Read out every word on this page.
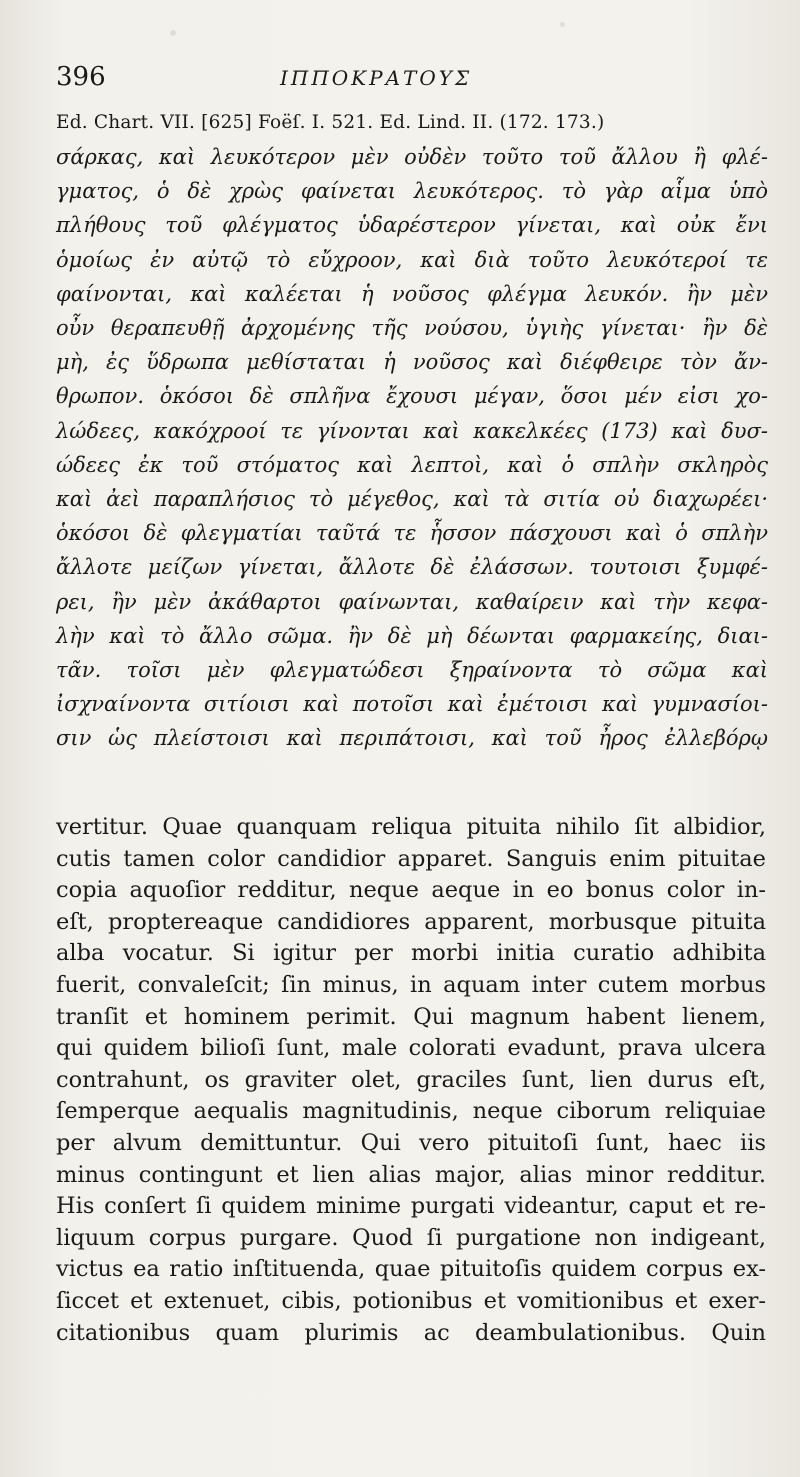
396	ΙΠΠΟΚΡΑΤΟΥΣ
Ed. Chart. VII. [625] Foëſ. I. 521. Ed. Lind. II. (172. 173.)
σάρκας, καὶ λευκότερον μὲν οὐδὲν τοῦτο τοῦ ἄλλου ἢ φλέ-
γματος, ὁ δὲ χρὼς φαίνεται λευκότερος. τὸ γὰρ αἷμα ὑπὸ
πλήθους τοῦ φλέγματος ὑδαρέστερον γίνεται, καὶ οὐκ ἔνι
ὁμοίως ἐν αὐτῷ τὸ εὔχροον, καὶ διὰ τοῦτο λευκότεροί τε
φαίνονται, καὶ καλέεται ἡ νοῦσος φλέγμα λευκόν. ἢν μὲν
οὖν θεραπευθῇ ἀρχομένης τῆς νούσου, ὑγιὴς γίνεται· ἢν δὲ
μὴ, ἐς ὕδρωπα μεθίσταται ἡ νοῦσος καὶ διέφθειρε τὸν ἄν-
θρωπον. ὁκόσοι δὲ σπλῆνα ἔχουσι μέγαν, ὅσοι μέν εἰσι χο-
λώδεες, κακόχροοί τε γίνονται καὶ κακελκέες (173) καὶ δυσ-
ώδεες ἐκ τοῦ στόματος καὶ λεπτοὶ, καὶ ὁ σπλὴν σκληρὸς
καὶ ἀεὶ παραπλήσιος τὸ μέγεθος, καὶ τὰ σιτία οὐ διαχωρέει·
ὁκόσοι δὲ φλεγματίαι ταῦτά τε ἧσσον πάσχουσι καὶ ὁ σπλὴν
ἄλλοτε μείζων γίνεται, ἄλλοτε δὲ ἐλάσσων. τουτοισι ξυμφέ-
ρει, ἢν μὲν ἀκάθαρτοι φαίνωνται, καθαίρειν καὶ τὴν κεφα-
λὴν καὶ τὸ ἄλλο σῶμα. ἢν δὲ μὴ δέωνται φαρμακείης, διαι-
τᾶν. τοῖσι μὲν φλεγματώδεσι ξηραίνοντα τὸ σῶμα καὶ
ἰσχναίνοντα σιτίοισι καὶ ποτοῖσι καὶ ἐμέτοισι καὶ γυμνασίοι-
σιν ὡς πλείστοισι καὶ περιπάτοισι, καὶ τοῦ ἦρος ἐλλεβόρῳ
vertitur. Quae quanquam reliqua pituita nihilo ſit albidior,
cutis tamen color candidior apparet. Sanguis enim pituitae
copia aquoſior redditur, neque aeque in eo bonus color in-
eſt, proptereaque candidiores apparent, morbusque pituita
alba vocatur. Si igitur per morbi initia curatio adhibita
fuerit, convaleſcit; ſin minus, in aquam inter cutem morbus
tranſit et hominem perimit. Qui magnum habent lienem,
qui quidem bilioſi ſunt, male colorati evadunt, prava ulcera
contrahunt, os graviter olet, graciles ſunt, lien durus eſt,
ſemperque aequalis magnitudinis, neque ciborum reliquiae
per alvum demittuntur. Qui vero pituitoſi ſunt, haec iis
minus contingunt et lien alias major, alias minor redditur.
His conſert ſi quidem minime purgati videantur, caput et re-
liquum corpus purgare. Quod ſi purgatione non indigeant,
victus ea ratio inſtituenda, quae pituitoſis quidem corpus ex-
ſiccet et extenuet, cibis, potionibus et vomitionibus et exer-
citationibus quam plurimis ac deambulationibus. Quin
